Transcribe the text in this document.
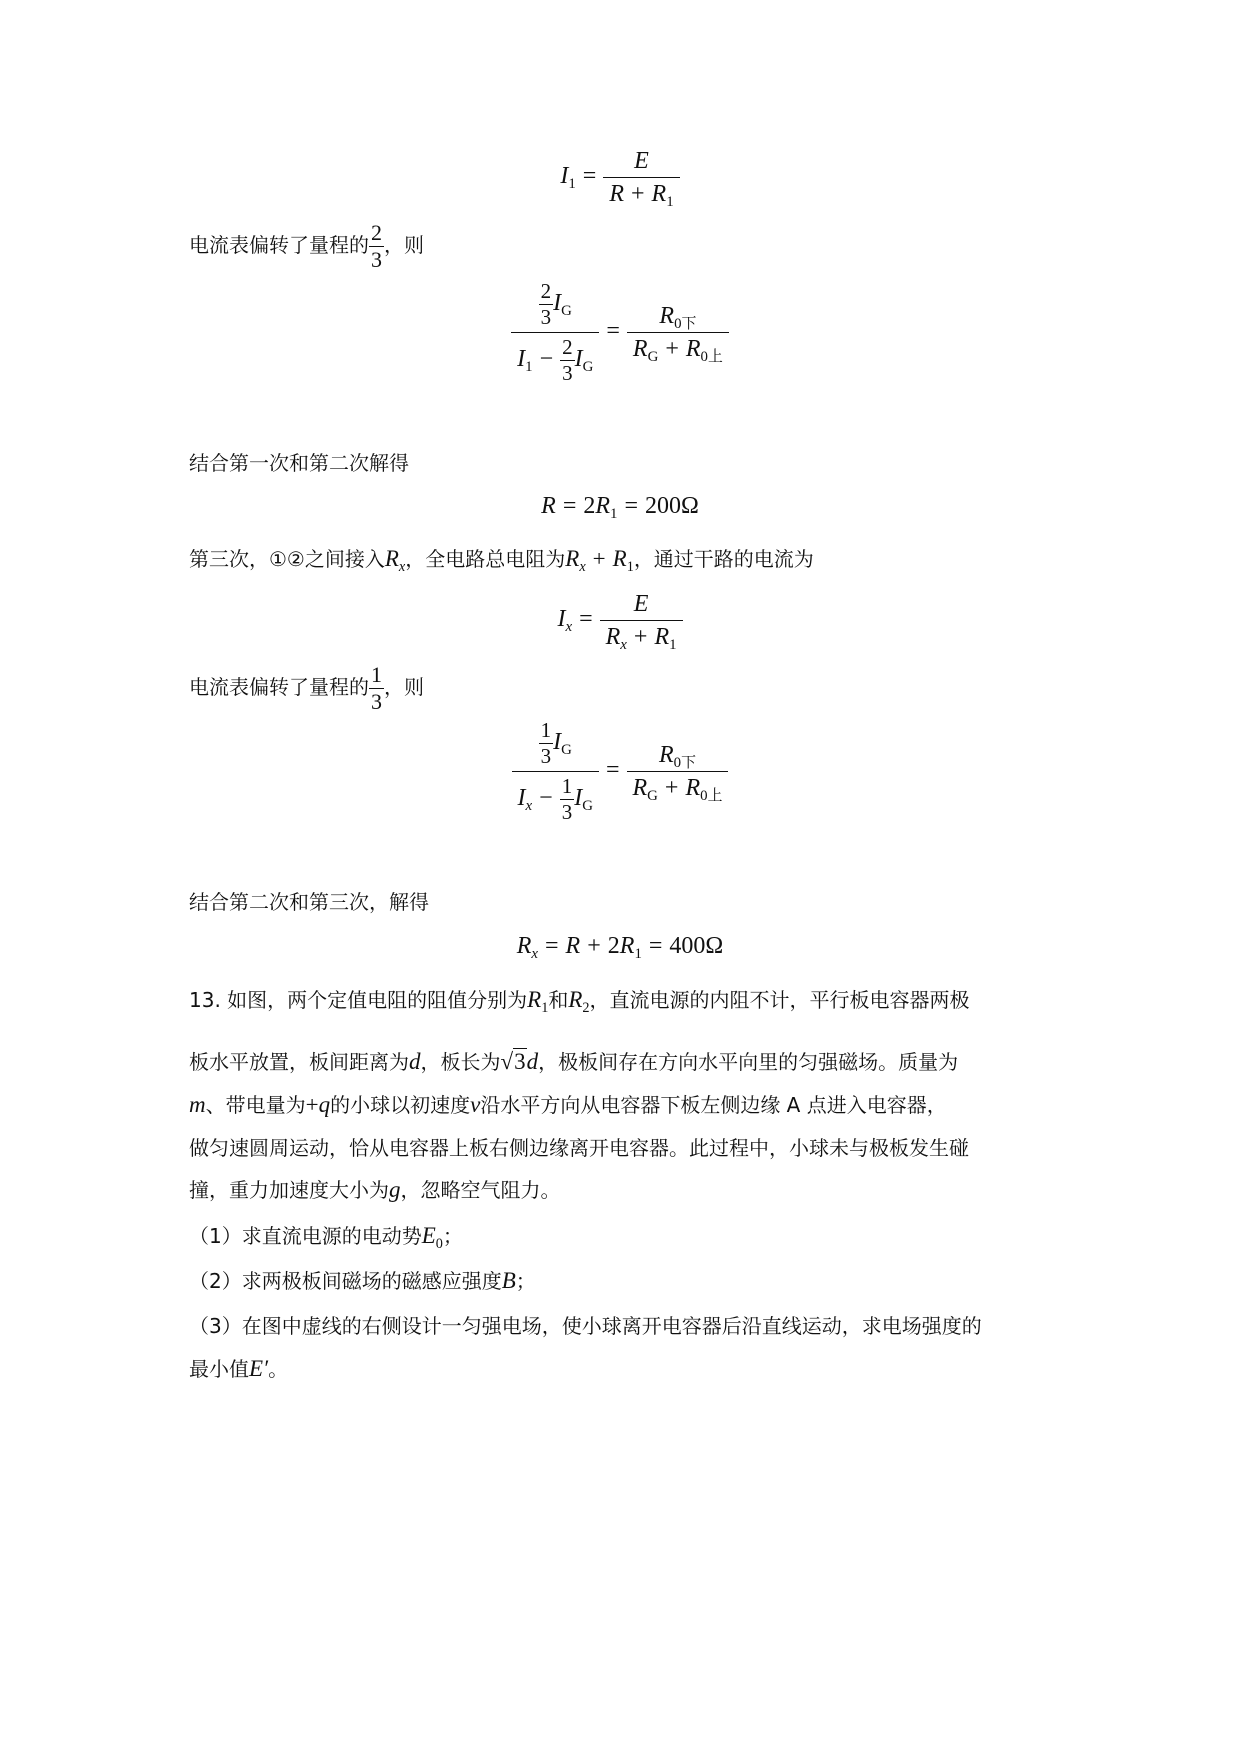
$I_1 = \frac{E}{R + R_1}$
电流表偏转了量程的 $\frac{2}{3}$ ，则
$\frac{\frac{2}{3} I_G}{I_1 - \frac{2}{3} I_G} = \frac{R_{0下}}{R_G + R_{0上}}$
结合第一次和第二次解得
$R = 2R_1 = 200\Omega$
第三次，①②之间接入$R_x$，全电路总电阻为$R_x + R_1$，通过干路的电流为
$I_x = \frac{E}{R_x + R_1}$
电流表偏转了量程的 $\frac{1}{3}$ ，则
$\frac{\frac{1}{3} I_G}{I_x - \frac{1}{3} I_G} = \frac{R_{0下}}{R_G + R_{0上}}$
结合第二次和第三次，解得
$R_x = R + 2R_1 = 400\Omega$
13. 如图，两个定值电阻的阻值分别为$R_1$和$R_2$，直流电源的内阻不计，平行板电容器两极
板水平放置，板间距离为d，板长为√3d，极板间存在方向水平向里的匀强磁场。质量为
m、带电量为+q的小球以初速度v沿水平方向从电容器下板左侧边缘 A 点进入电容器，
做匀速圆周运动，恰从电容器上板右侧边缘离开电容器。此过程中，小球未与极板发生碰
撞，重力加速度大小为g，忽略空气阻力。
（1）求直流电源的电动势$E_0$；
（2）求两极板间磁场的磁感应强度B；
（3）在图中虚线的右侧设计一匀强电场，使小球离开电容器后沿直线运动，求电场强度的
最小值E′。
